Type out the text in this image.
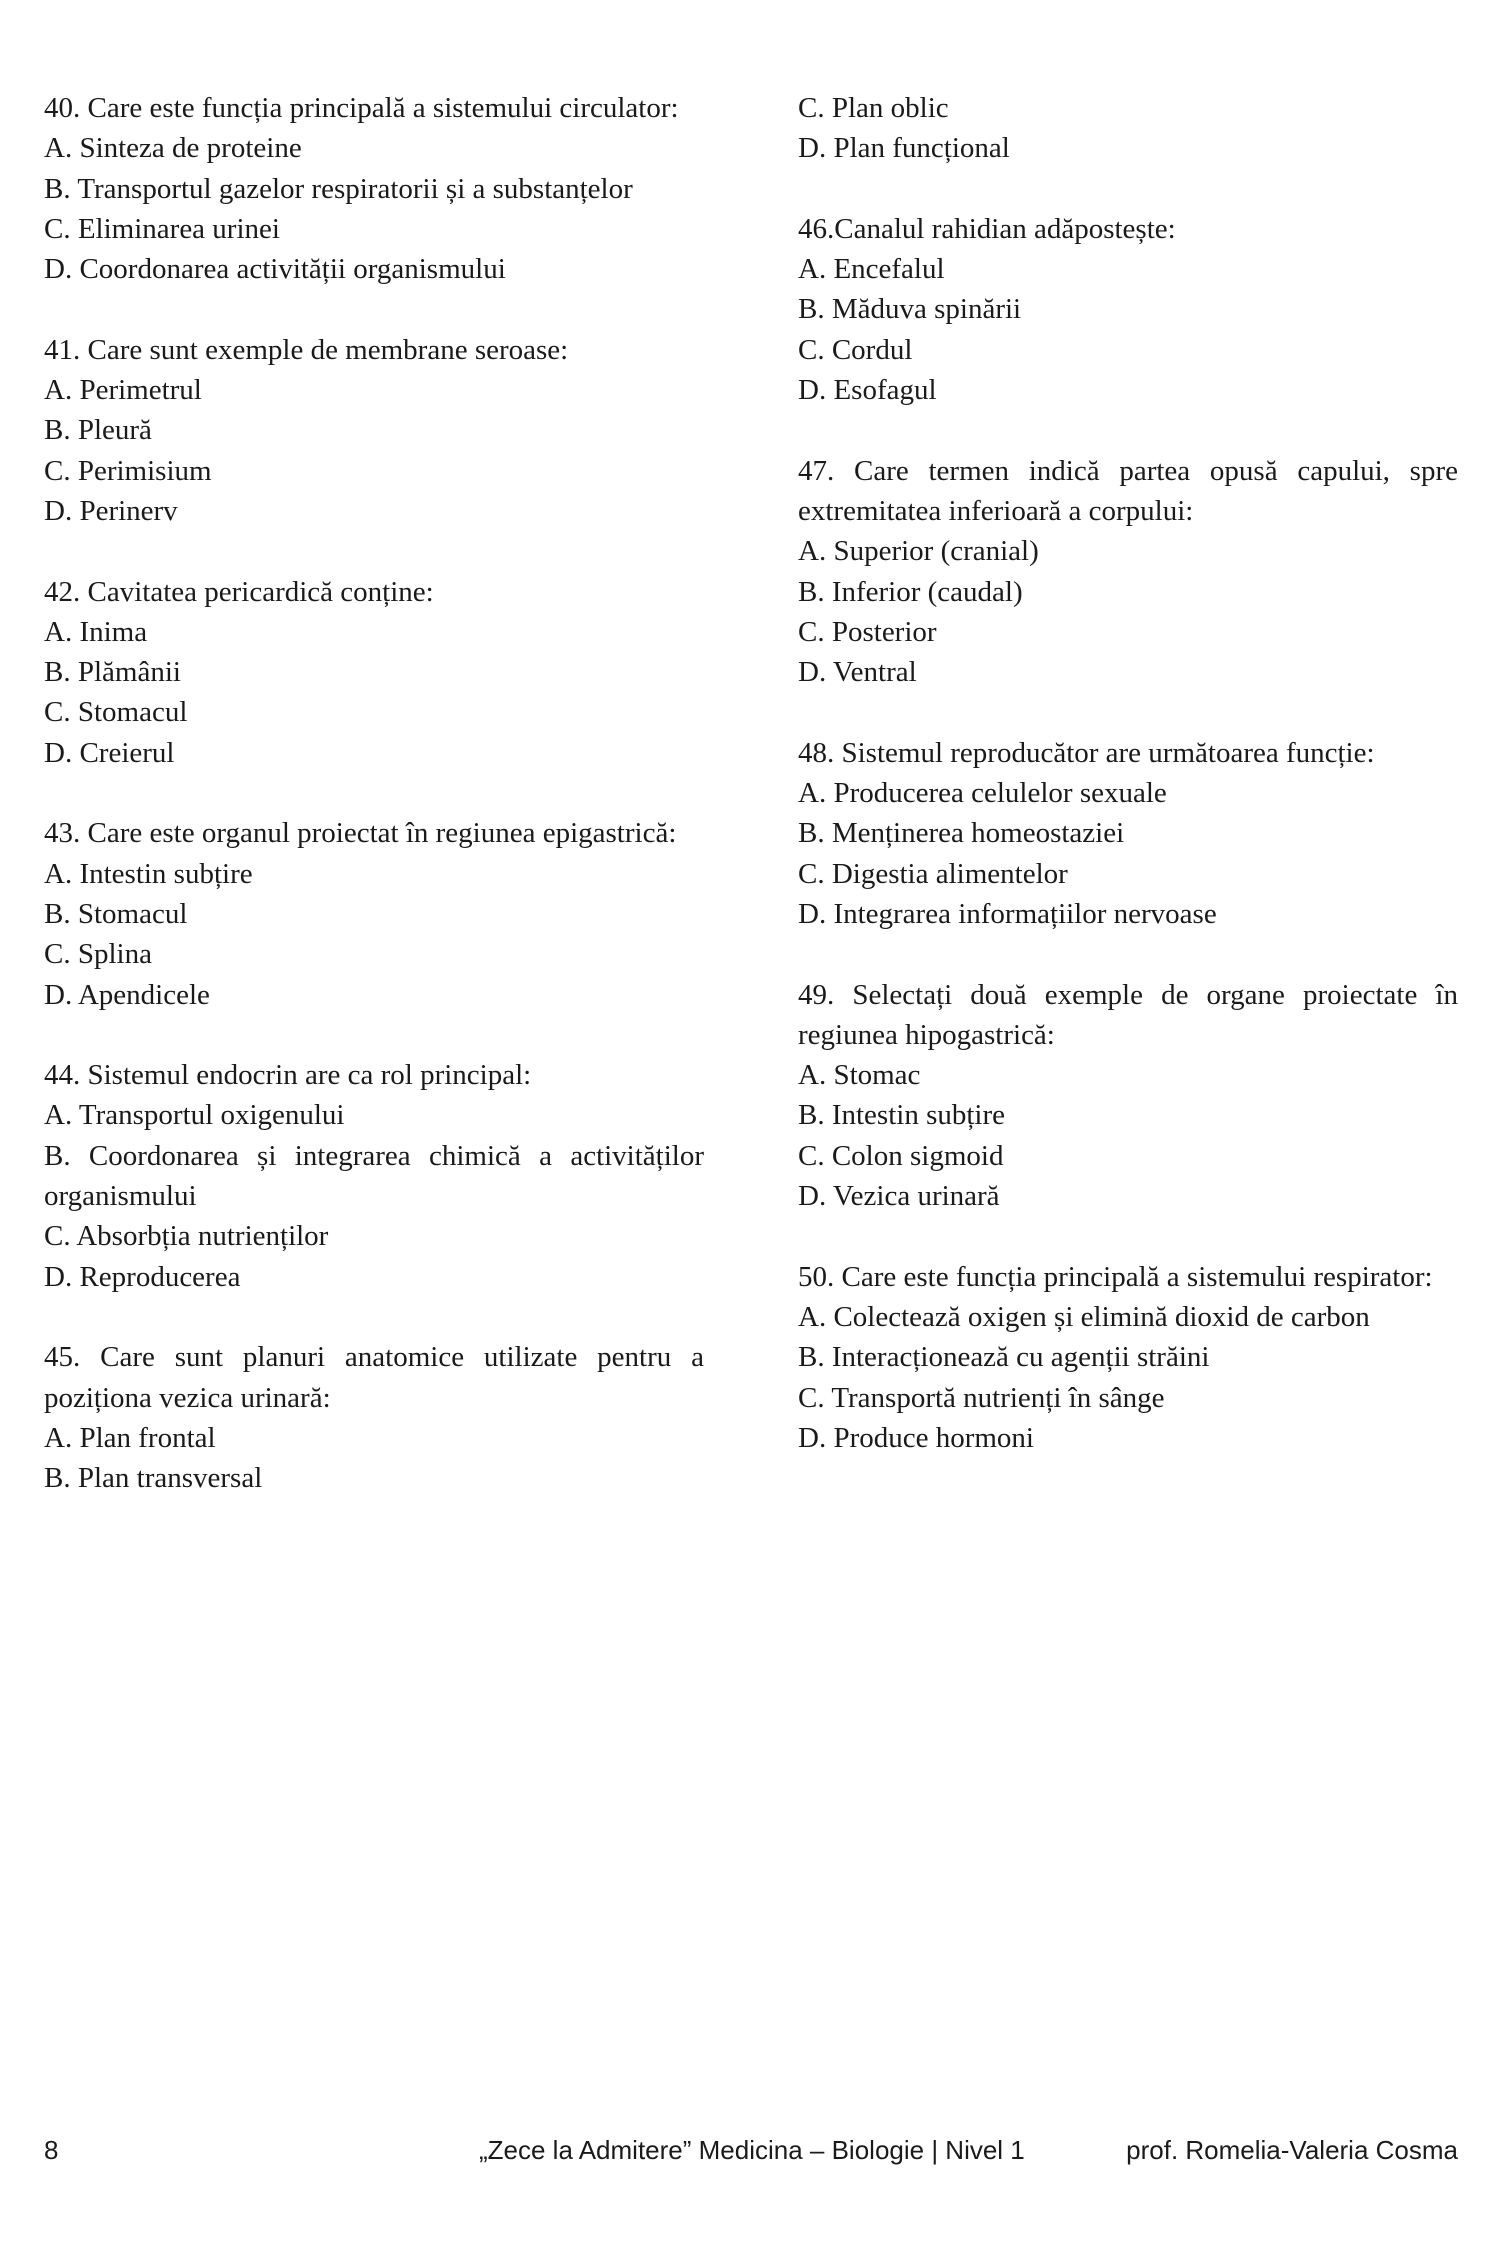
40. Care este funcția principală a sistemului circulator:
A. Sinteza de proteine
B. Transportul gazelor respiratorii și a substanțelor
C. Eliminarea urinei
D. Coordonarea activității organismului
41. Care sunt exemple de membrane seroase:
A. Perimetrul
B. Pleură
C. Perimisium
D. Perinerv
42. Cavitatea pericardică conține:
A. Inima
B. Plămânii
C. Stomacul
D. Creierul
43. Care este organul proiectat în regiunea epigastrică:
A. Intestin subțire
B. Stomacul
C. Splina
D. Apendicele
44. Sistemul endocrin are ca rol principal:
A. Transportul oxigenului
B. Coordonarea și integrarea chimică a activităților organismului
C. Absorbția nutrienților
D. Reproducerea
45. Care sunt planuri anatomice utilizate pentru a poziționa vezica urinară:
A. Plan frontal
B. Plan transversal
C. Plan oblic
D. Plan funcțional
46.Canalul rahidian adăpostește:
A. Encefalul
B. Măduva spinării
C. Cordul
D. Esofagul
47. Care termen indică partea opusă capului, spre extremitatea inferioară a corpului:
A. Superior (cranial)
B. Inferior (caudal)
C. Posterior
D. Ventral
48. Sistemul reproducător are următoarea funcție:
A. Producerea celulelor sexuale
B. Menținerea homeostaziei
C. Digestia alimentelor
D. Integrarea informațiilor nervoase
49. Selectați două exemple de organe proiectate în regiunea hipogastrică:
A. Stomac
B. Intestin subțire
C. Colon sigmoid
D. Vezica urinară
50. Care este funcția principală a sistemului respirator:
A. Colectează oxigen și elimină dioxid de carbon
B. Interacționează cu agenții străini
C. Transportă nutrienți în sânge
D. Produce hormoni
8	„Zece la Admitere” Medicina – Biologie | Nivel 1	prof. Romelia-Valeria Cosma
